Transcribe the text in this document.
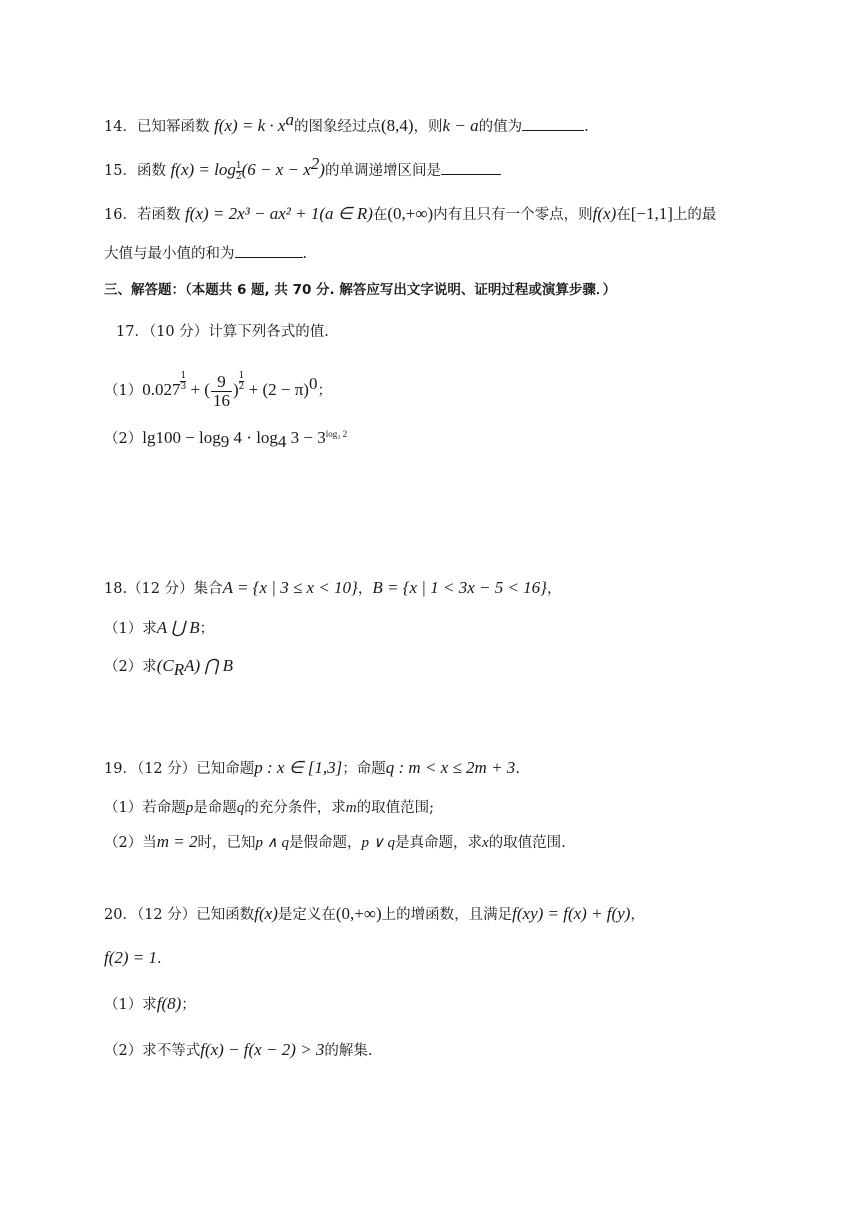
14．已知幂函数 $f(x) = k \cdot x^a$的图象经过点(8,4)，则k − a的值为	.
15．函数 $f(x) = \log \frac{1}{2} (6 - x - x^2)$的单调递增区间是
16．若函数 f(x) = 2x³ − ax² + 1(a ∈ R)在(0,+∞)内有且只有一个零点，则f(x)在[−1,1]上的最
大值与最小值的和为	.
三、解答题：（本题共 6 题, 共 70 分. 解答应写出文字说明、证明过程或演算步骤．）
17．（10 分）计算下列各式的值.
$(1)0.027 \frac{1}{3}$ + ( $\frac{9}{16}$ ) $\frac{1}{2} + (2 - \pi)^0$；
$(2)\lg 100 - \log_9 4 \cdot \log_4 3 - 3^{log_3 2}$
18.（12 分）集合A = {x | 3 ≤ x < 10}，B = {x | 1 < 3x − 5 < 16}，
（1）求A ⋃ B；
（2）求$(C_RA)$ ⋂ B
19．（12 分）已知命题p : x ∈ [1,3]；命题q : m < x ≤ 2m + 3.
（1）若命题p是命题q的充分条件，求m的取值范围;
（2）当m = 2时，已知p ∧ q是假命题，p ∨ q是真命题，求x的取值范围.
20．（12 分）已知函数f(x)是定义在(0,+∞)上的增函数，且满足f(xy) = f(x) + f(y)，
f(2) = 1.
（1）求f(8)；
（2）求不等式f(x) − f(x − 2) > 3的解集.
